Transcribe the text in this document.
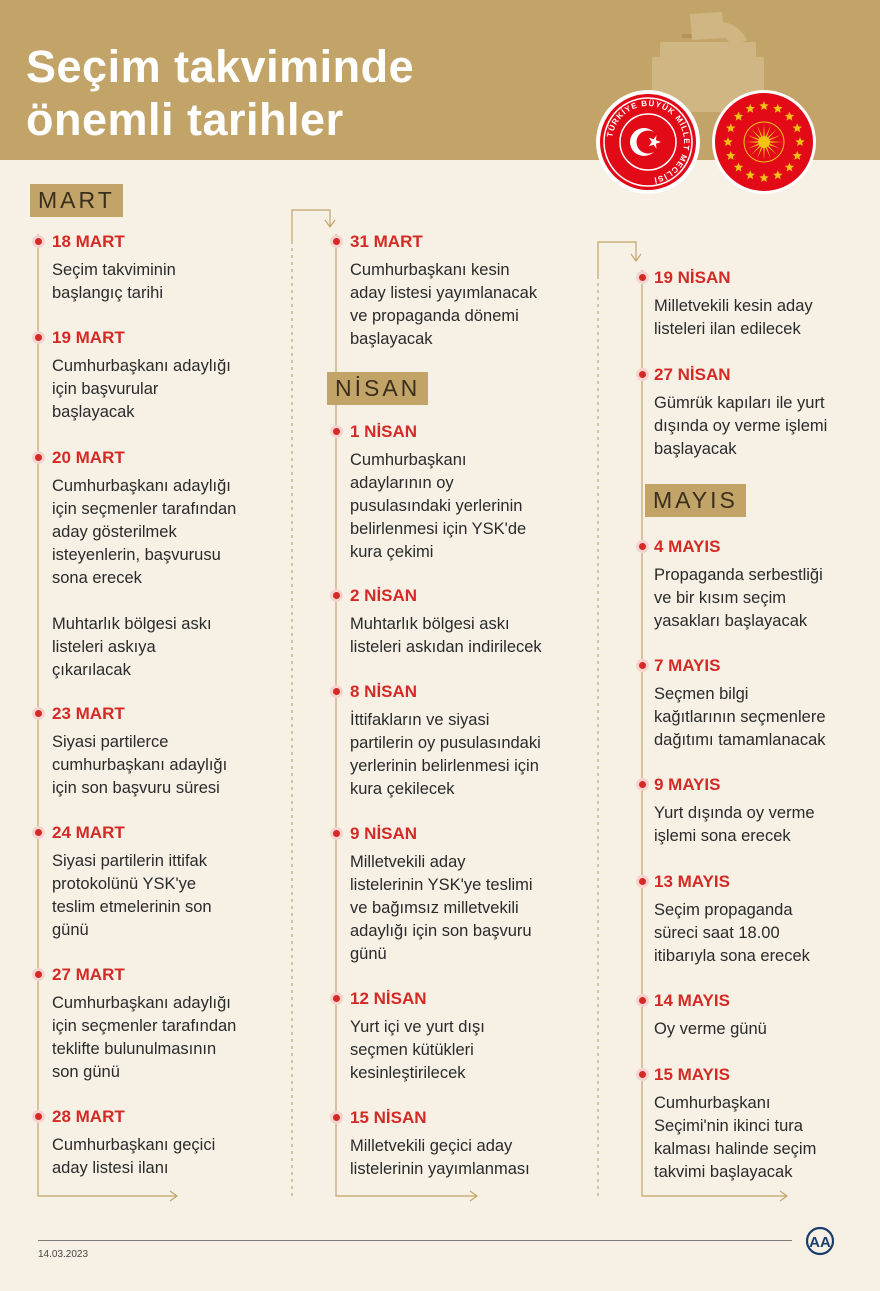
Seçim takviminde
önemli tarihler	TÜRKİYE BÜYÜK MİLLET MECLİSİ
MART
NİSAN
MAYIS
18 MART
Seçim takviminin
başlangıç tarihi
19 MART
Cumhurbaşkanı adaylığı
için başvurular
başlayacak
20 MART
Cumhurbaşkanı adaylığı
için seçmenler tarafından
aday gösterilmek
isteyenlerin, başvurusu
sona erecek
Muhtarlık bölgesi askı
listeleri askıya
çıkarılacak
23 MART
Siyasi partilerce
cumhurbaşkanı adaylığı
için son başvuru süresi
24 MART
Siyasi partilerin ittifak
protokolünü YSK'ye
teslim etmelerinin son
günü
27 MART
Cumhurbaşkanı adaylığı
için seçmenler tarafından
teklifte bulunulmasının
son günü
28 MART
Cumhurbaşkanı geçici
aday listesi ilanı
31 MART
Cumhurbaşkanı kesin
aday listesi yayımlanacak
ve propaganda dönemi
başlayacak
1 NİSAN
Cumhurbaşkanı
adaylarının oy
pusulasındaki yerlerinin
belirlenmesi için YSK'de
kura çekimi
2 NİSAN
Muhtarlık bölgesi askı
listeleri askıdan indirilecek
8 NİSAN
İttifakların ve siyasi
partilerin oy pusulasındaki
yerlerinin belirlenmesi için
kura çekilecek
9 NİSAN
Milletvekili aday
listelerinin YSK'ye teslimi
ve bağımsız milletvekili
adaylığı için son başvuru
günü
12 NİSAN
Yurt içi ve yurt dışı
seçmen kütükleri
kesinleştirilecek
15 NİSAN
Milletvekili geçici aday
listelerinin yayımlanması
19 NİSAN
Milletvekili kesin aday
listeleri ilan edilecek
27 NİSAN
Gümrük kapıları ile yurt
dışında oy verme işlemi
başlayacak
4 MAYIS
Propaganda serbestliği
ve bir kısım seçim
yasakları başlayacak
7 MAYIS
Seçmen bilgi
kağıtlarının seçmenlere
dağıtımı tamamlanacak
9 MAYIS
Yurt dışında oy verme
işlemi sona erecek
13 MAYIS
Seçim propaganda
süreci saat 18.00
itibarıyla sona erecek
14 MAYIS
Oy verme günü
15 MAYIS
Cumhurbaşkanı
Seçimi'nin ikinci tura
kalması halinde seçim
takvimi başlayacak
14.03.2023
AA
